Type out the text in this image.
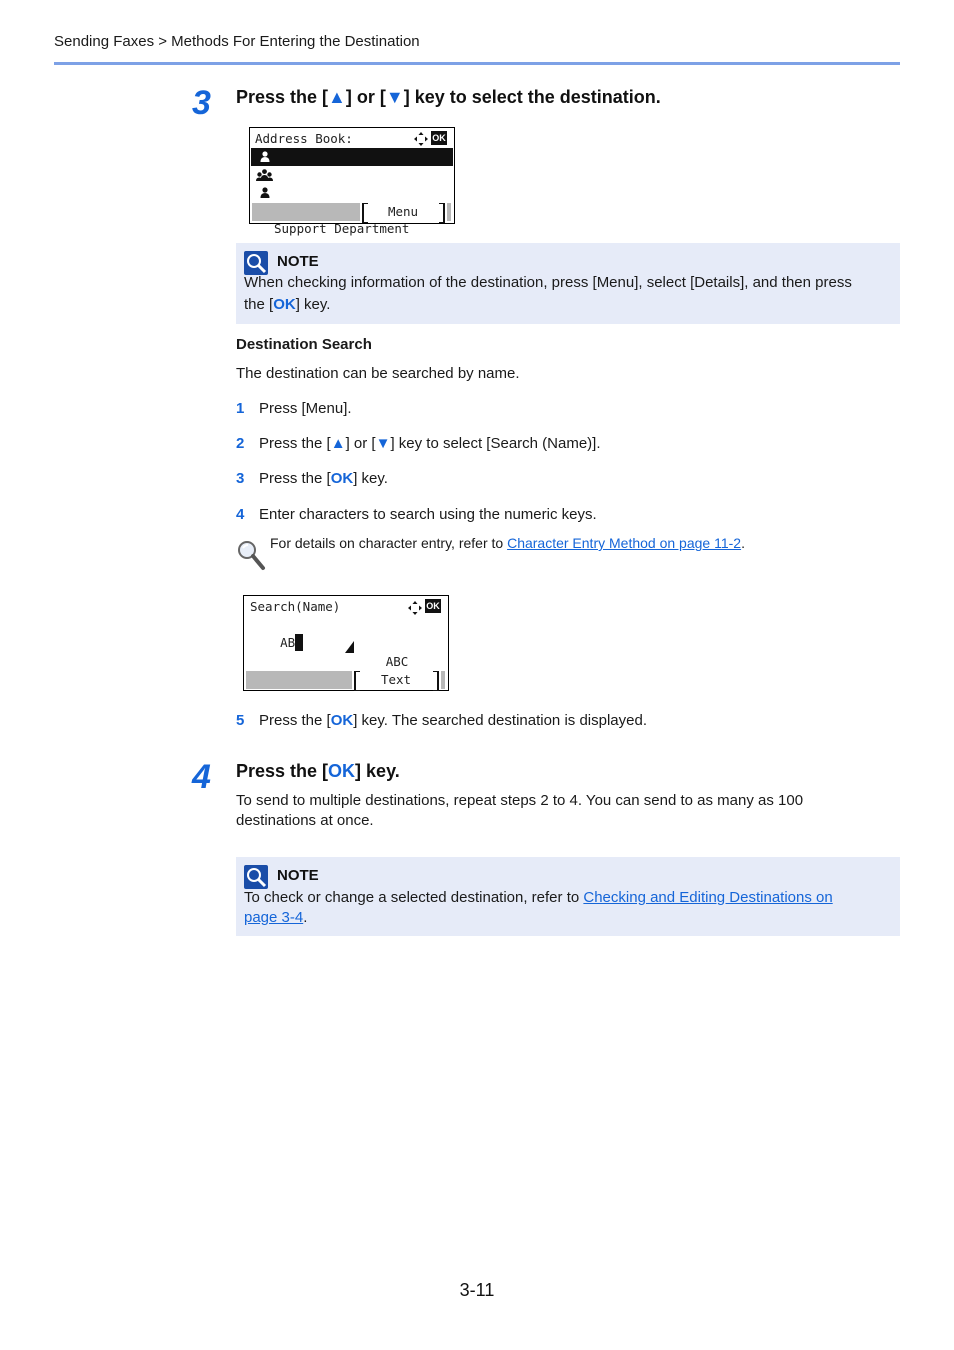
Sending Faxes > Methods For Entering the Destination
3 Press the [▲] or [▼] key to select the destination.
Address Book:	OK

Sales Department 1

Support Department

Menu
NOTE
When checking information of the destination, press [Menu], select [Details], and then press
the [OK] key.
Destination Search
The destination can be searched by name.
1 Press [Menu].
2 Press the [▲] or [▼] key to select [Search (Name)].
3 Press the [OK] key.
4 Enter characters to search using the numeric keys.
For details on character entry, refer to Character Entry Method on page 11-2.
Search(Name)	OK

AB

ABC
Text
5 Press the [OK] key. The searched destination is displayed.
4 Press the [OK] key.
To send to multiple destinations, repeat steps 2 to 4. You can send to as many as 100
destinations at once.
NOTE
To check or change a selected destination, refer to Checking and Editing Destinations on
page 3-4.
3-11
